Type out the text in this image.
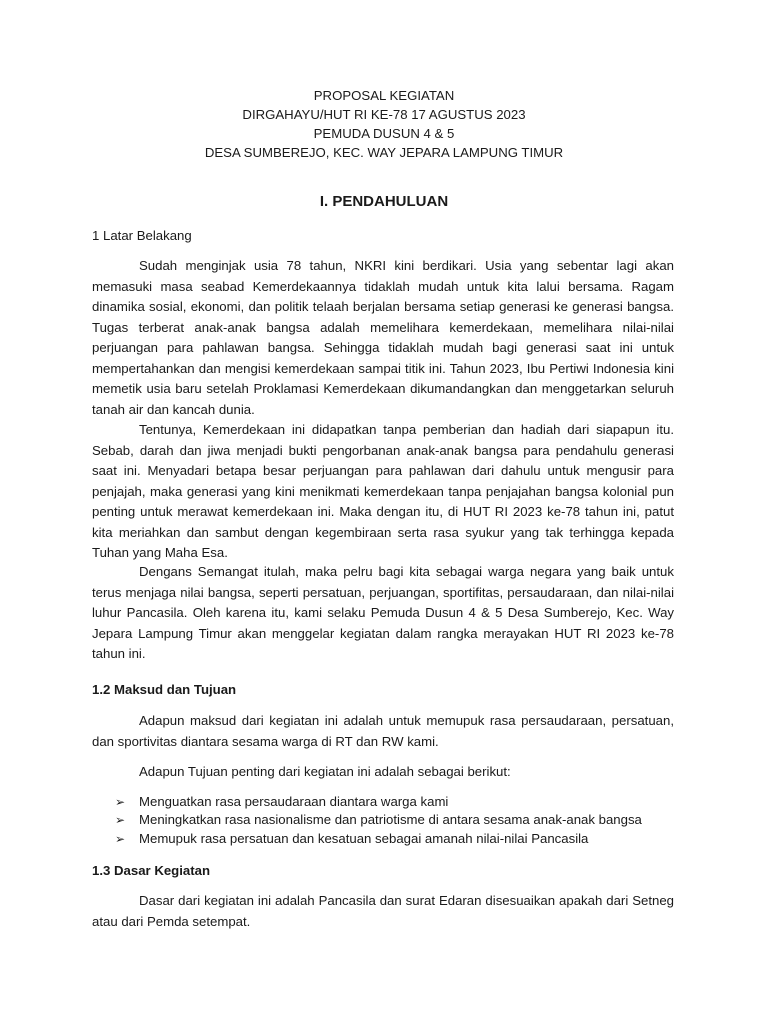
PROPOSAL KEGIATAN
DIRGAHAYU/HUT RI KE-78 17 AGUSTUS 2023
PEMUDA DUSUN 4 & 5
DESA SUMBEREJO, KEC. WAY JEPARA LAMPUNG TIMUR
I. PENDAHULUAN
1 Latar Belakang

Sudah menginjak usia 78 tahun, NKRI kini berdikari. Usia yang sebentar lagi akan memasuki masa seabad Kemerdekaannya tidaklah mudah untuk kita lalui bersama. Ragam dinamika sosial, ekonomi, dan politik telaah berjalan bersama setiap generasi ke generasi bangsa. Tugas terberat anak-anak bangsa adalah memelihara kemerdekaan, memelihara nilai-nilai perjuangan para pahlawan bangsa. Sehingga tidaklah mudah bagi generasi saat ini untuk mempertahankan dan mengisi kemerdekaan sampai titik ini. Tahun 2023, Ibu Pertiwi Indonesia kini memetik usia baru setelah Proklamasi Kemerdekaan dikumandangkan dan menggetarkan seluruh tanah air dan kancah dunia.

Tentunya, Kemerdekaan ini didapatkan tanpa pemberian dan hadiah dari siapapun itu. Sebab, darah dan jiwa menjadi bukti pengorbanan anak-anak bangsa para pendahulu generasi saat ini. Menyadari betapa besar perjuangan para pahlawan dari dahulu untuk mengusir para penjajah, maka generasi yang kini menikmati kemerdekaan tanpa penjajahan bangsa kolonial pun penting untuk merawat kemerdekaan ini. Maka dengan itu, di HUT RI 2023 ke-78 tahun ini, patut kita meriahkan dan sambut dengan kegembiraan serta rasa syukur yang tak terhingga kepada Tuhan yang Maha Esa.

Dengans Semangat itulah, maka pelru bagi kita sebagai warga negara yang baik untuk terus menjaga nilai bangsa, seperti persatuan, perjuangan, sportifitas, persaudaraan, dan nilai-nilai luhur Pancasila. Oleh karena itu, kami selaku Pemuda Dusun 4 & 5 Desa Sumberejo, Kec. Way Jepara Lampung Timur akan menggelar kegiatan dalam rangka merayakan HUT RI 2023 ke-78 tahun ini.

1.2 Maksud dan Tujuan

Adapun maksud dari kegiatan ini adalah untuk memupuk rasa persaudaraan, persatuan, dan sportivitas diantara sesama warga di RT dan RW kami.

Adapun Tujuan penting dari kegiatan ini adalah sebagai berikut:
➢ Menguatkan rasa persaudaraan diantara warga kami
➢ Meningkatkan rasa nasionalisme dan patriotisme di antara sesama anak-anak bangsa
➢ Memupuk rasa persatuan dan kesatuan sebagai amanah nilai-nilai Pancasila
1.3 Dasar Kegiatan

Dasar dari kegiatan ini adalah Pancasila dan surat Edaran disesuaikan apakah dari Setneg atau dari Pemda setempat.
